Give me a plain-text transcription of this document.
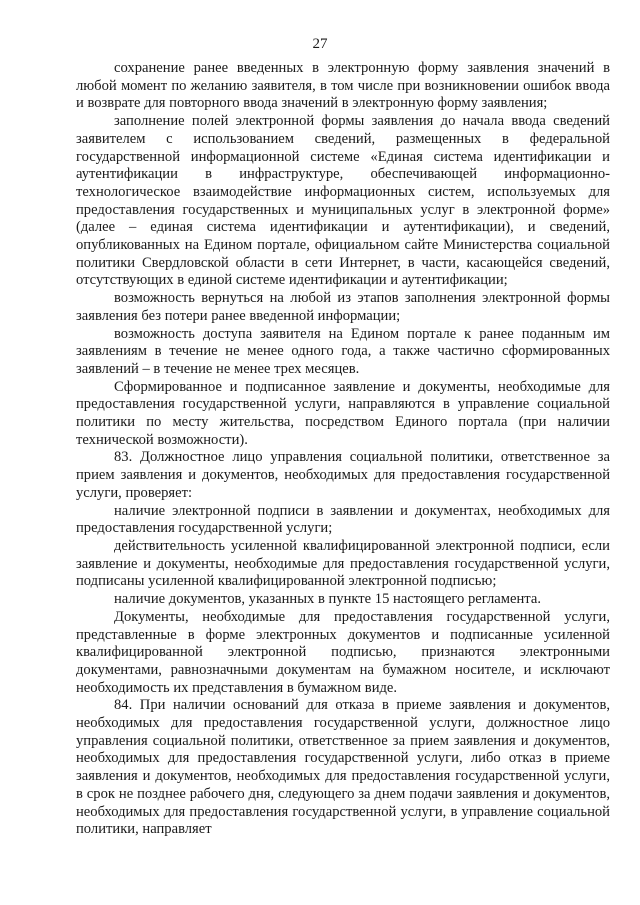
27

сохранение ранее введенных в электронную форму заявления значений в любой момент по желанию заявителя, в том числе при возникновении ошибок ввода и возврате для повторного ввода значений в электронную форму заявления;

заполнение полей электронной формы заявления до начала ввода сведений заявителем с использованием сведений, размещенных в федеральной государственной информационной системе «Единая система идентификации и аутентификации в инфраструктуре, обеспечивающей информационно-технологическое взаимодействие информационных систем, используемых для предоставления государственных и муниципальных услуг в электронной форме» (далее – единая система идентификации и аутентификации), и сведений, опубликованных на Едином портале, официальном сайте Министерства социальной политики Свердловской области в сети Интернет, в части, касающейся сведений, отсутствующих в единой системе идентификации и аутентификации;

возможность вернуться на любой из этапов заполнения электронной формы заявления без потери ранее введенной информации;

возможность доступа заявителя на Едином портале к ранее поданным им заявлениям в течение не менее одного года, а также частично сформированных заявлений – в течение не менее трех месяцев.

Сформированное и подписанное заявление и документы, необходимые для предоставления государственной услуги, направляются в управление социальной политики по месту жительства, посредством Единого портала (при наличии технической возможности).

83. Должностное лицо управления социальной политики, ответственное за прием заявления и документов, необходимых для предоставления государственной услуги, проверяет:

наличие электронной подписи в заявлении и документах, необходимых для предоставления государственной услуги;

действительность усиленной квалифицированной электронной подписи, если заявление и документы, необходимые для предоставления государственной услуги, подписаны усиленной квалифицированной электронной подписью;

наличие документов, указанных в пункте 15 настоящего регламента.

Документы, необходимые для предоставления государственной услуги, представленные в форме электронных документов и подписанные усиленной квалифицированной электронной подписью, признаются электронными документами, равнозначными документам на бумажном носителе, и исключают необходимость их представления в бумажном виде.

84. При наличии оснований для отказа в приеме заявления и документов, необходимых для предоставления государственной услуги, должностное лицо управления социальной политики, ответственное за прием заявления и документов, необходимых для предоставления государственной услуги, либо отказ в приеме заявления и документов, необходимых для предоставления государственной услуги, в срок не позднее рабочего дня, следующего за днем подачи заявления и документов, необходимых для предоставления государственной услуги, в управление социальной политики, направляет
